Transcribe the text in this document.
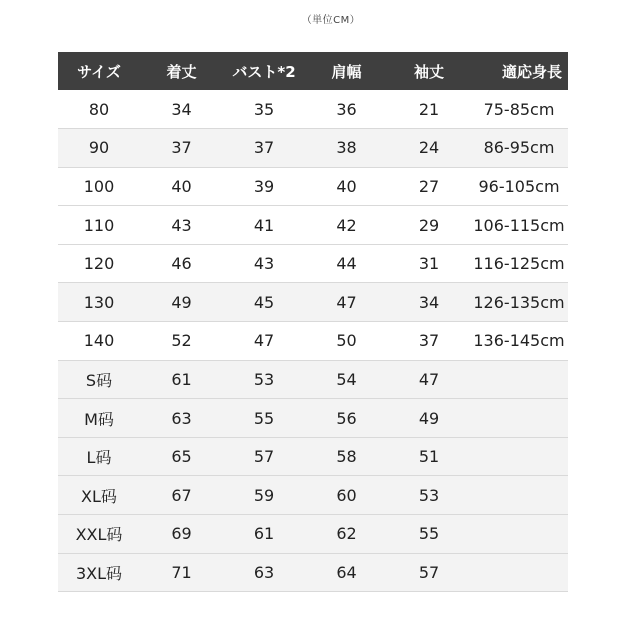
（単位CM）
サイズ	着丈	バスト*2	肩幅	袖丈	適応身長
80	34	35	36	21	75-85cm
90	37	37	38	24	86-95cm
100	40	39	40	27	96-105cm
110	43	41	42	29	106-115cm
120	46	43	44	31	116-125cm
130	49	45	47	34	126-135cm
140	52	47	50	37	136-145cm
S码	61	53	54	47	
M码	63	55	56	49	
L码	65	57	58	51	
XL码	67	59	60	53	
XXL码	69	61	62	55	
3XL码	71	63	64	57	
